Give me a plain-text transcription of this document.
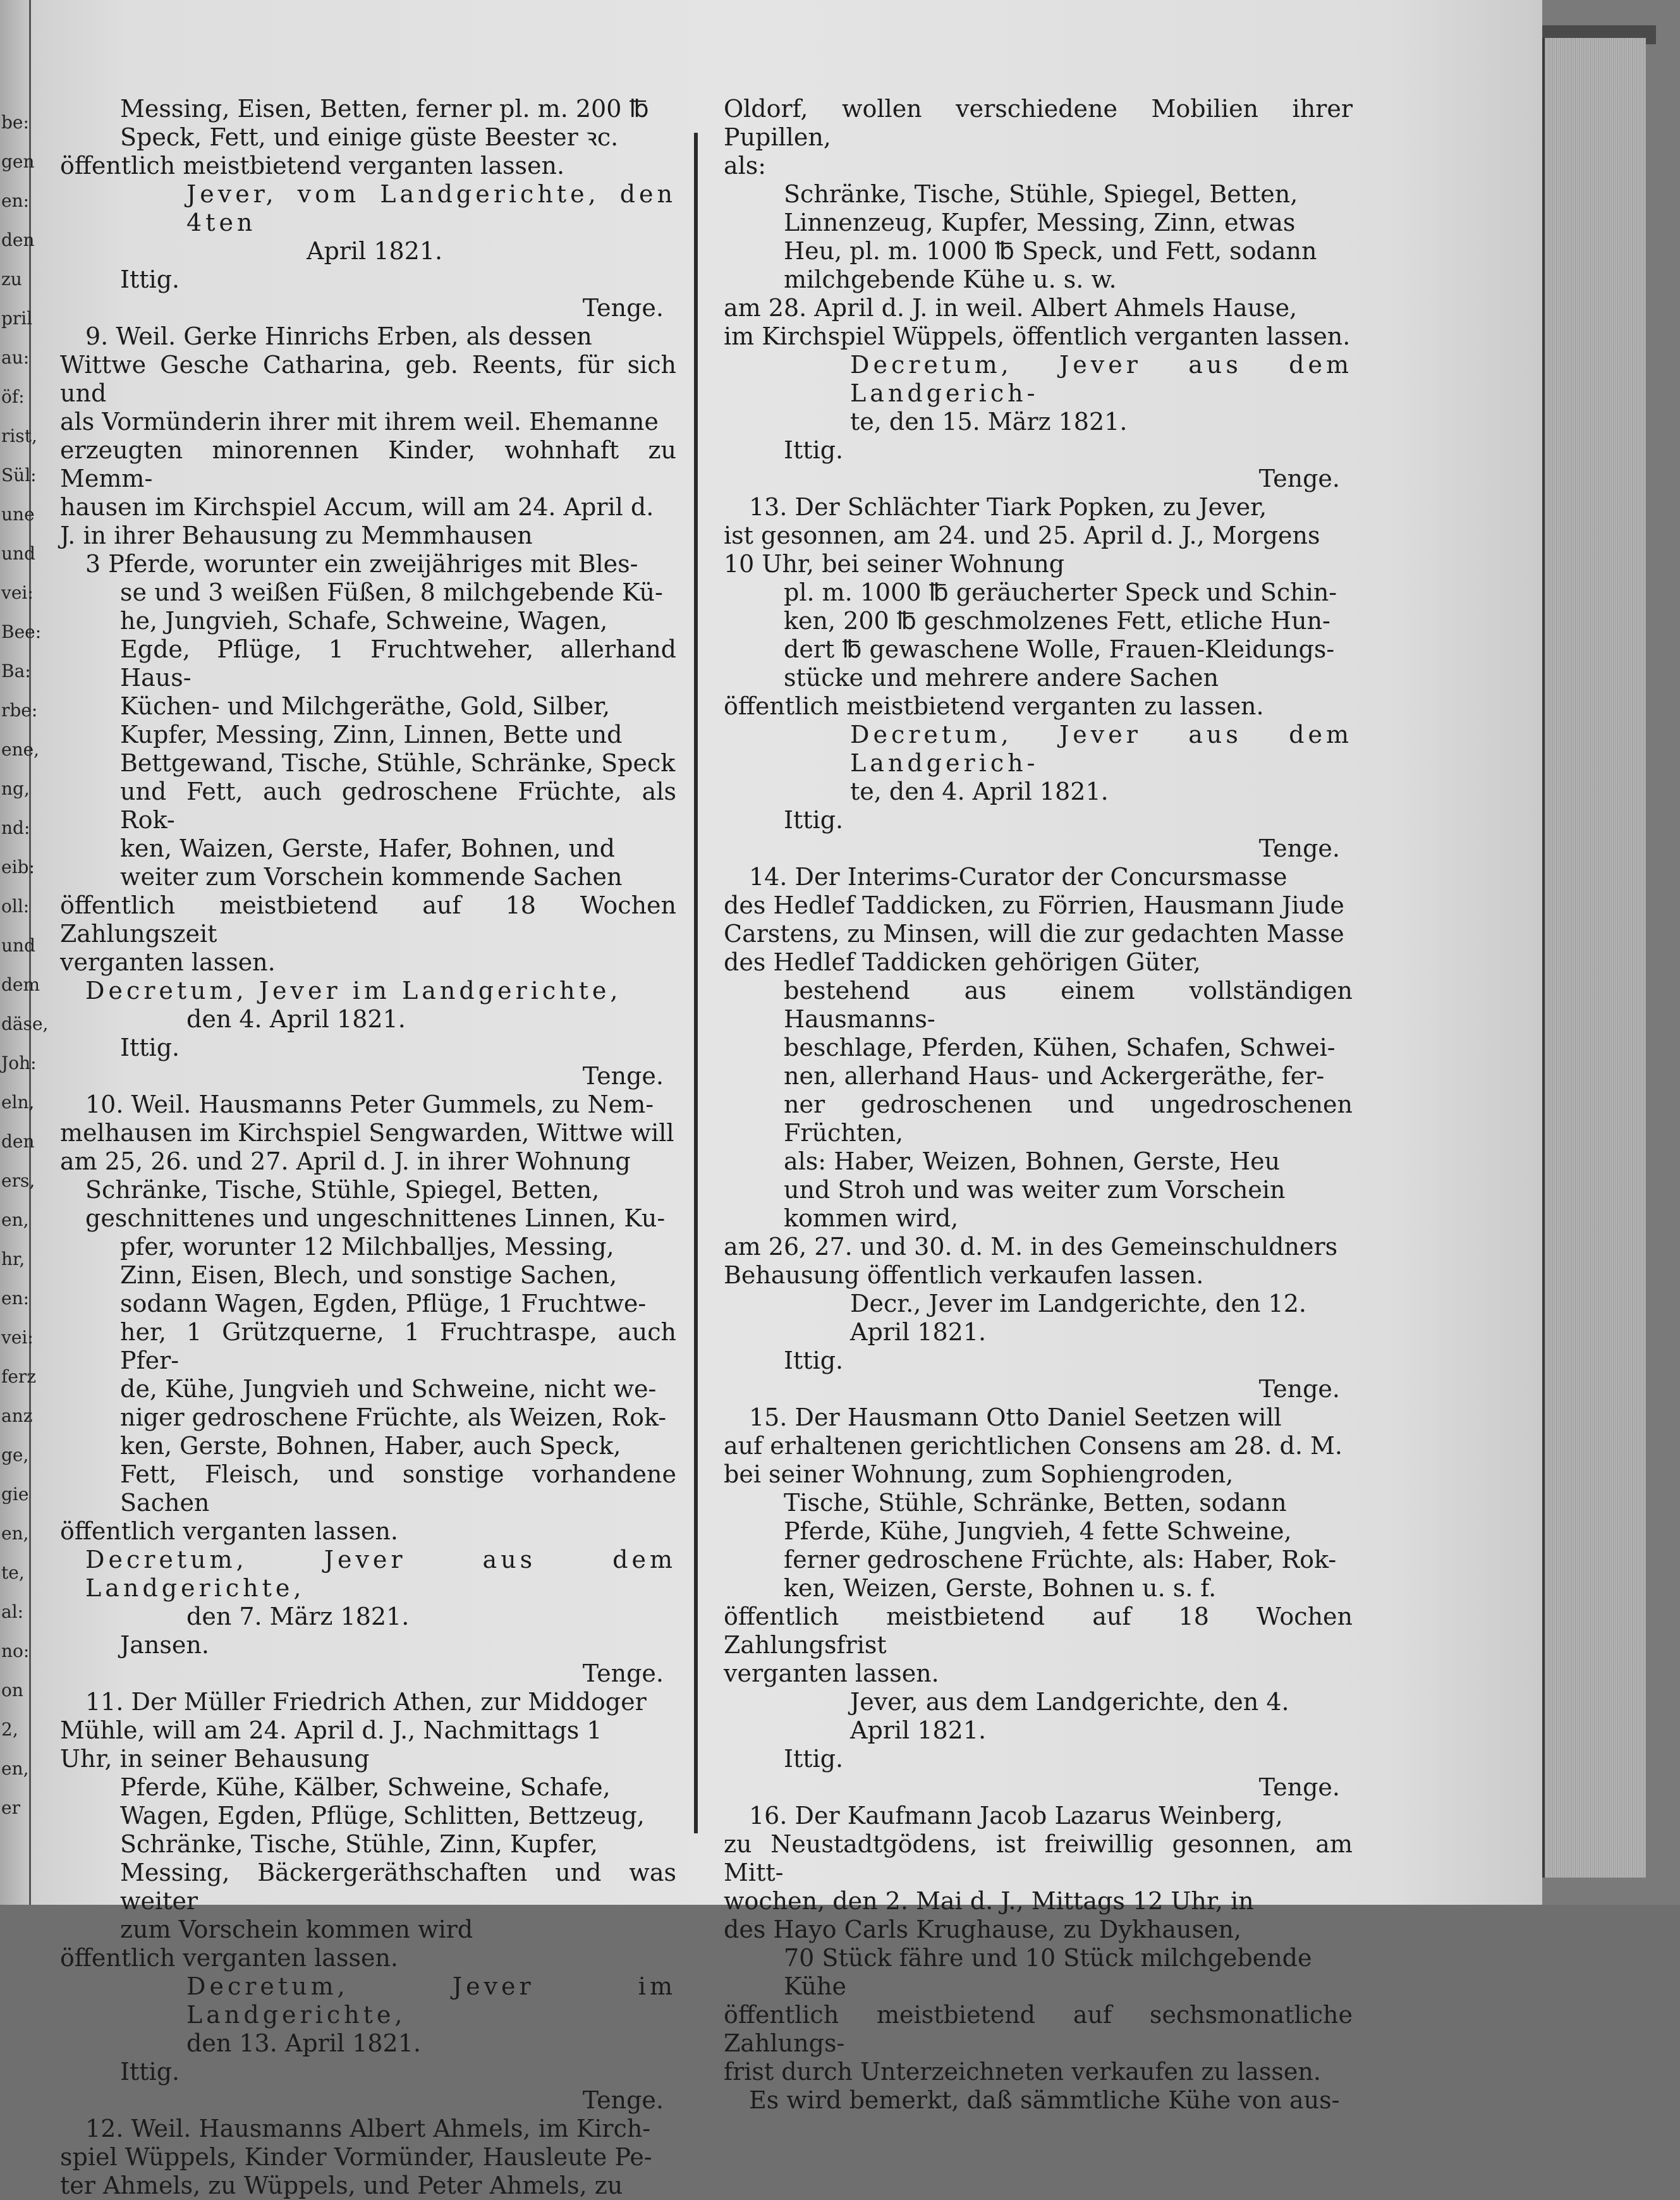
be:
gen
en:
den
zu
pril
au:
öf:
rist,
Sül:
une
und
vei:
Bee:
Ba:
rbe:
ene,
ng,
nd:
eib:
oll:
und
dem
däse,
Joh:
eln,
den
ers,
en,
hr,
en:
vei:
ferz
anz
ge,
gie
en,
te,
al:
no:
on
2,
en,
er

Messing, Eisen, Betten, ferner pl. m. 200 ℔

Speck, Fett, und einige güste Beester ꝛc.

öffentlich meistbietend verganten lassen.

Jever, vom Landgerichte, den 4ten

April 1821.

Ittig.

Tenge.

9. Weil. Gerke Hinrichs Erben, als dessen

Wittwe Gesche Catharina, geb. Reents, für sich und

als Vormünderin ihrer mit ihrem weil. Ehemanne

erzeugten minorennen Kinder, wohnhaft zu Memm-

hausen im Kirchspiel Accum, will am 24. April d.

J. in ihrer Behausung zu Memmhausen

3 Pferde, worunter ein zweijähriges mit Bles-

se und 3 weißen Füßen, 8 milchgebende Kü-

he, Jungvieh, Schafe, Schweine, Wagen,

Egde, Pflüge, 1 Fruchtweher, allerhand Haus-

Küchen- und Milchgeräthe, Gold, Silber,

Kupfer, Messing, Zinn, Linnen, Bette und

Bettgewand, Tische, Stühle, Schränke, Speck

und Fett, auch gedroschene Früchte, als Rok-

ken, Waizen, Gerste, Hafer, Bohnen, und

weiter zum Vorschein kommende Sachen

öffentlich meistbietend auf 18 Wochen Zahlungszeit

verganten lassen.

Decretum, Jever im Landgerichte,

den 4. April 1821.

Ittig.

Tenge.

10. Weil. Hausmanns Peter Gummels, zu Nem-

melhausen im Kirchspiel Sengwarden, Wittwe will

am 25, 26. und 27. April d. J. in ihrer Wohnung

Schränke, Tische, Stühle, Spiegel, Betten,

geschnittenes und ungeschnittenes Linnen, Ku-

pfer, worunter 12 Milchballjes, Messing,

Zinn, Eisen, Blech, und sonstige Sachen,

sodann Wagen, Egden, Pflüge, 1 Fruchtwe-

her, 1 Grützquerne, 1 Fruchtraspe, auch Pfer-

de, Kühe, Jungvieh und Schweine, nicht we-

niger gedroschene Früchte, als Weizen, Rok-

ken, Gerste, Bohnen, Haber, auch Speck,

Fett, Fleisch, und sonstige vorhandene Sachen

öffentlich verganten lassen.

Decretum, Jever aus dem Landgerichte,

den 7. März 1821.

Jansen.

Tenge.

11. Der Müller Friedrich Athen, zur Middoger

Mühle, will am 24. April d. J., Nachmittags 1

Uhr, in seiner Behausung

Pferde, Kühe, Kälber, Schweine, Schafe,

Wagen, Egden, Pflüge, Schlitten, Bettzeug,

Schränke, Tische, Stühle, Zinn, Kupfer,

Messing, Bäckergeräthschaften und was weiter

zum Vorschein kommen wird

öffentlich verganten lassen.

Decretum, Jever im Landgerichte,

den 13. April 1821.

Ittig.

Tenge.

12. Weil. Hausmanns Albert Ahmels, im Kirch-

spiel Wüppels, Kinder Vormünder, Hausleute Pe-

ter Ahmels, zu Wüppels, und Peter Ahmels, zu

Oldorf, wollen verschiedene Mobilien ihrer Pupillen,

als:

Schränke, Tische, Stühle, Spiegel, Betten,

Linnenzeug, Kupfer, Messing, Zinn, etwas

Heu, pl. m. 1000 ℔ Speck, und Fett, sodann

milchgebende Kühe u. s. w.

am 28. April d. J. in weil. Albert Ahmels Hause,

im Kirchspiel Wüppels, öffentlich verganten lassen.

Decretum, Jever aus dem Landgerich-

te, den 15. März 1821.

Ittig.

Tenge.

13. Der Schlächter Tiark Popken, zu Jever,

ist gesonnen, am 24. und 25. April d. J., Morgens

10 Uhr, bei seiner Wohnung

pl. m. 1000 ℔ geräucherter Speck und Schin-

ken, 200 ℔ geschmolzenes Fett, etliche Hun-

dert ℔ gewaschene Wolle, Frauen-Kleidungs-

stücke und mehrere andere Sachen

öffentlich meistbietend verganten zu lassen.

Decretum, Jever aus dem Landgerich-

te, den 4. April 1821.

Ittig.

Tenge.

14. Der Interims-Curator der Concursmasse

des Hedlef Taddicken, zu Förrien, Hausmann Jiude

Carstens, zu Minsen, will die zur gedachten Masse

des Hedlef Taddicken gehörigen Güter,

bestehend aus einem vollständigen Hausmanns-

beschlage, Pferden, Kühen, Schafen, Schwei-

nen, allerhand Haus- und Ackergeräthe, fer-

ner gedroschenen und ungedroschenen Früchten,

als: Haber, Weizen, Bohnen, Gerste, Heu

und Stroh und was weiter zum Vorschein

kommen wird,

am 26, 27. und 30. d. M. in des Gemeinschuldners

Behausung öffentlich verkaufen lassen.

Decr., Jever im Landgerichte, den 12.

April 1821.

Ittig.

Tenge.

15. Der Hausmann Otto Daniel Seetzen will

auf erhaltenen gerichtlichen Consens am 28. d. M.

bei seiner Wohnung, zum Sophiengroden,

Tische, Stühle, Schränke, Betten, sodann

Pferde, Kühe, Jungvieh, 4 fette Schweine,

ferner gedroschene Früchte, als: Haber, Rok-

ken, Weizen, Gerste, Bohnen u. s. f.

öffentlich meistbietend auf 18 Wochen Zahlungsfrist

verganten lassen.

Jever, aus dem Landgerichte, den 4.

April 1821.

Ittig.

Tenge.

16. Der Kaufmann Jacob Lazarus Weinberg,

zu Neustadtgödens, ist freiwillig gesonnen, am Mitt-

wochen, den 2. Mai d. J., Mittags 12 Uhr, in

des Hayo Carls Krughause, zu Dykhausen,

70 Stück fähre und 10 Stück milchgebende

Kühe

öffentlich meistbietend auf sechsmonatliche Zahlungs-

frist durch Unterzeichneten verkaufen zu lassen.

Es wird bemerkt, daß sämmtliche Kühe von aus-
